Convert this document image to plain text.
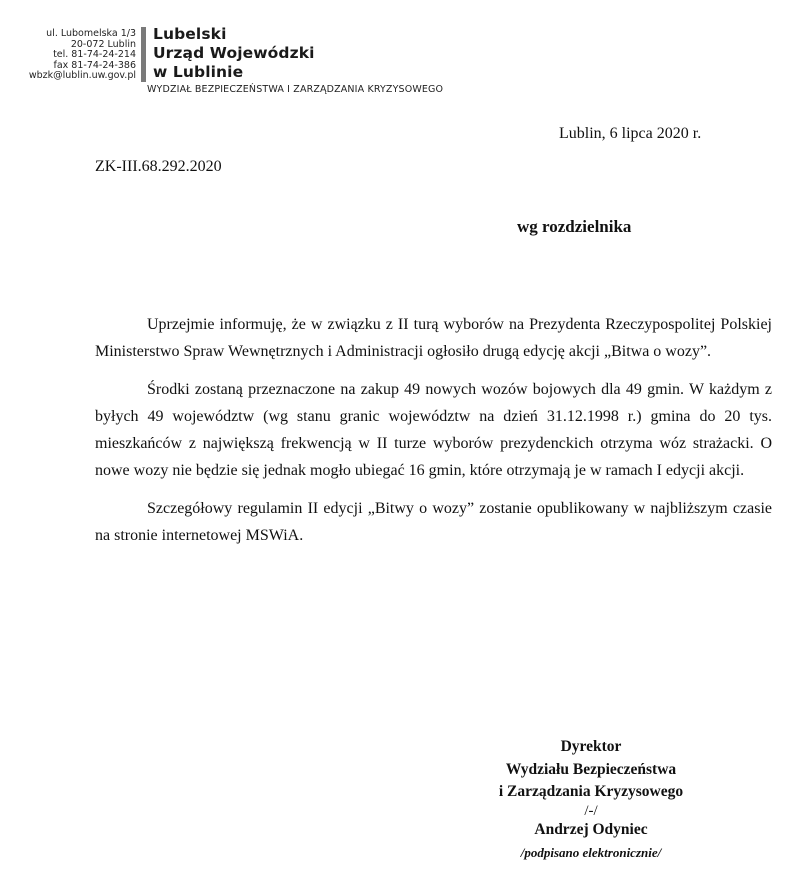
ul. Lubomelska 1/3
20-072 Lublin
tel. 81-74-24-214
fax 81-74-24-386
wbzk@lublin.uw.gov.pl
Lubelski
Urząd Wojewódzki
w Lublinie
WYDZIAŁ BEZPIECZEŃSTWA I ZARZĄDZANIA KRYZYSOWEGO
Lublin, 6 lipca 2020 r.
ZK-III.68.292.2020
wg rozdzielnika

Uprzejmie informuję, że w związku z II turą wyborów na Prezydenta Rzeczypospolitej Polskiej Ministerstwo Spraw Wewnętrznych i Administracji ogłosiło drugą edycję akcji „Bitwa o wozy”.

Środki zostaną przeznaczone na zakup 49 nowych wozów bojowych dla 49 gmin. W każdym z byłych 49 województw (wg stanu granic województw na dzień 31.12.1998 r.) gmina do 20 tys. mieszkańców z największą frekwencją w II turze wyborów prezydenckich otrzyma wóz strażacki. O nowe wozy nie będzie się jednak mogło ubiegać 16 gmin, które otrzymają je w ramach I edycji akcji.

Szczegółowy regulamin II edycji „Bitwy o wozy” zostanie opublikowany w najbliższym czasie na stronie internetowej MSWiA.

Dyrektor
Wydziału Bezpieczeństwa
i Zarządzania Kryzysowego
/-/
Andrzej Odyniec
/podpisano elektronicznie/
